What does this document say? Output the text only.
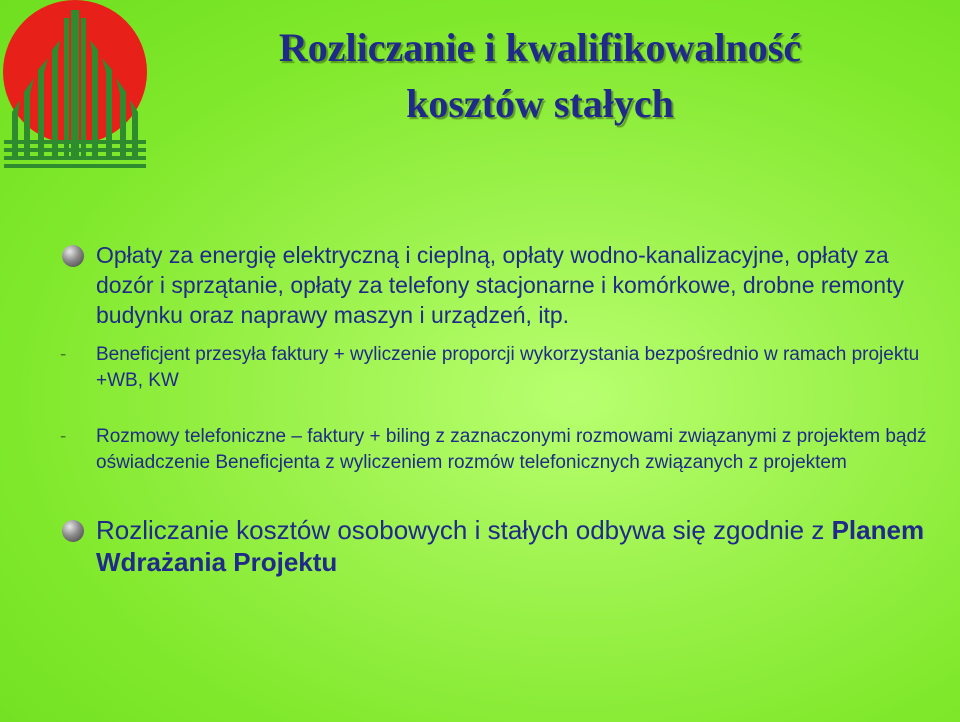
Rozliczanie i kwalifikowalność
kosztów stałych
Opłaty za energię elektryczną i cieplną, opłaty wodno-kanalizacyjne, opłaty za dozór i sprzątanie, opłaty za telefony stacjonarne i komórkowe, drobne remonty budynku oraz naprawy maszyn i urządzeń, itp.
- Beneficjent przesyła faktury + wyliczenie proporcji wykorzystania bezpośrednio w ramach projektu +WB, KW
- Rozmowy telefoniczne – faktury + biling z zaznaczonymi rozmowami związanymi z projektem bądź oświadczenie Beneficjenta z wyliczeniem rozmów telefonicznych związanych z projektem
Rozliczanie kosztów osobowych i stałych odbywa się zgodnie z Planem Wdrażania Projektu
